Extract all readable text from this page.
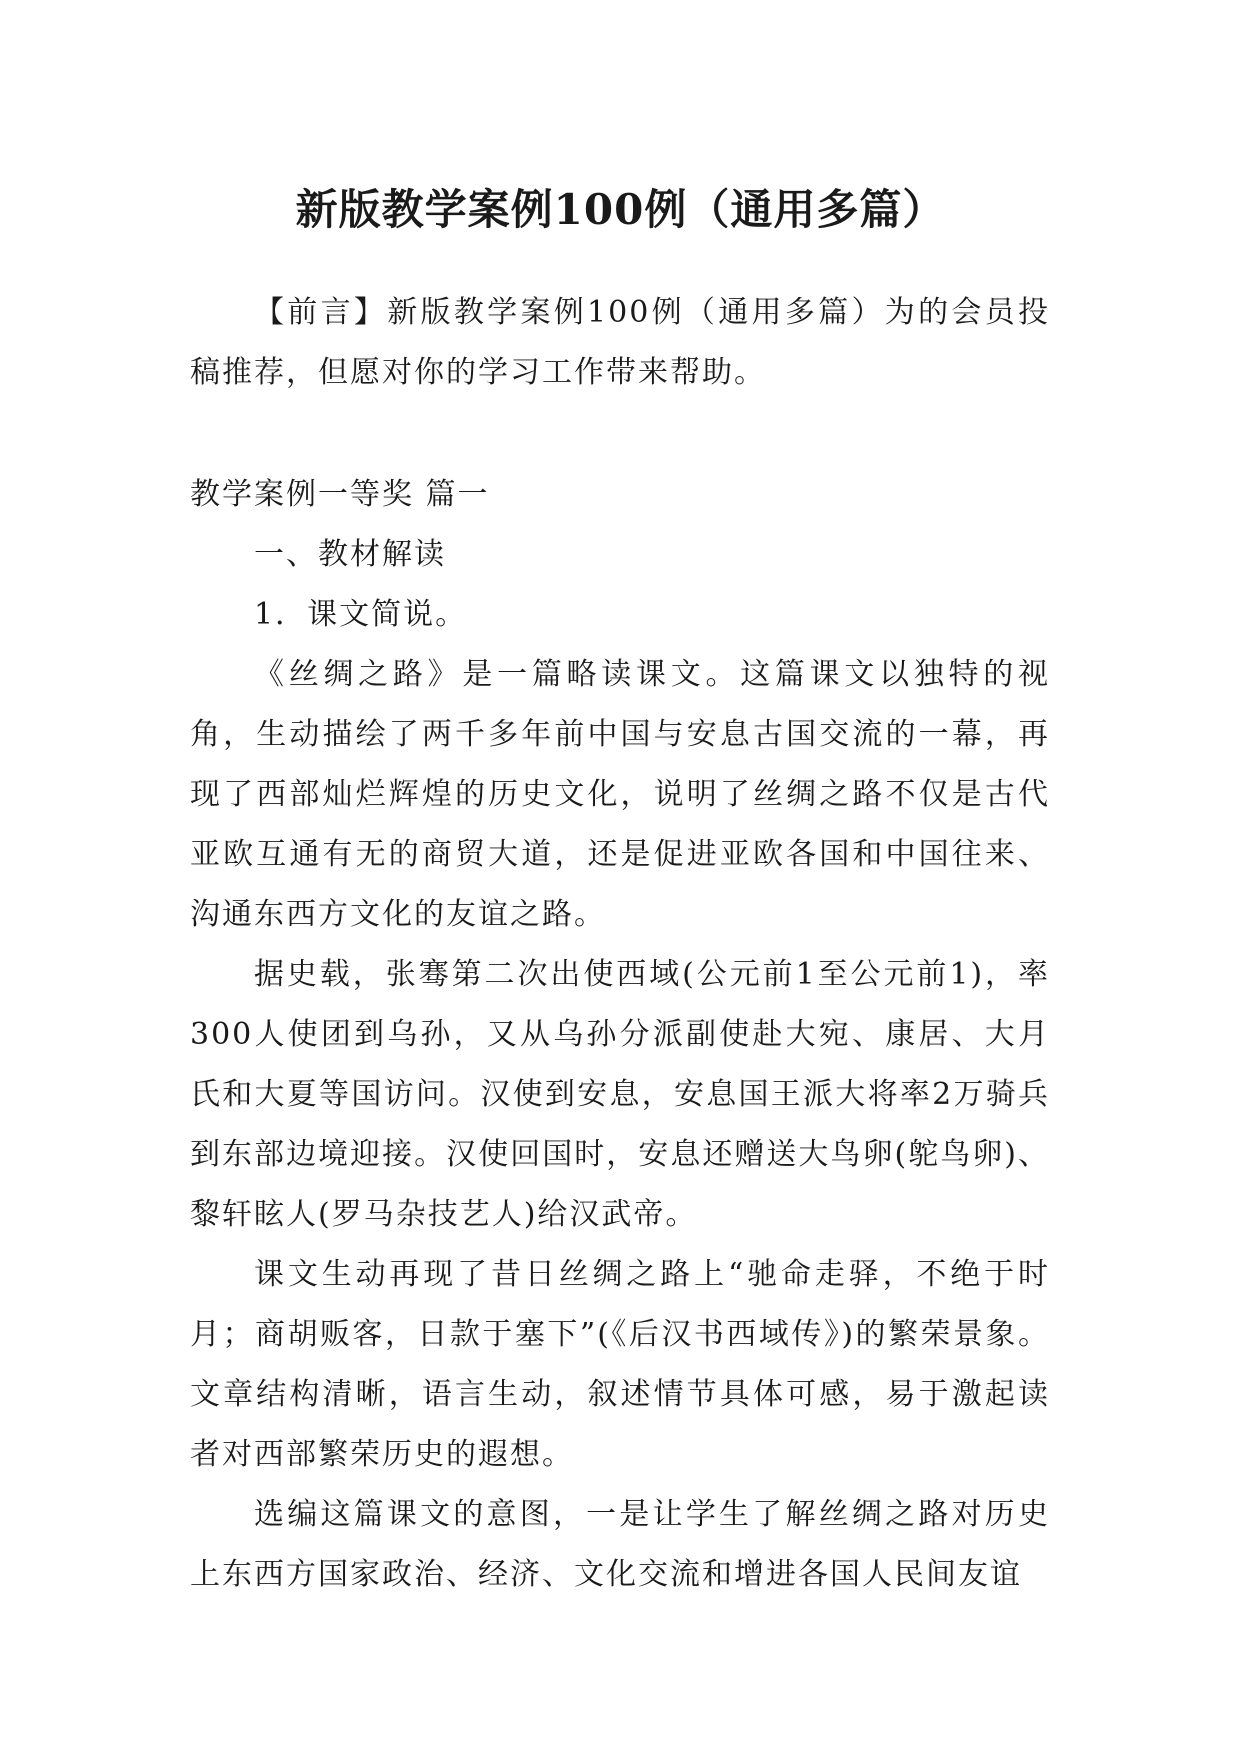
新版教学案例100例（通用多篇）

【前言】新版教学案例100例（通用多篇）为的会员投稿推荐，但愿对你的学习工作带来帮助。

教学案例一等奖 篇一

一、教材解读

1．课文简说。

《丝绸之路》是一篇略读课文。这篇课文以独特的视角，生动描绘了两千多年前中国与安息古国交流的一幕，再现了西部灿烂辉煌的历史文化，说明了丝绸之路不仅是古代亚欧互通有无的商贸大道，还是促进亚欧各国和中国往来、沟通东西方文化的友谊之路。

据史载，张骞第二次出使西域(公元前1至公元前1)，率300人使团到乌孙，又从乌孙分派副使赴大宛、康居、大月氏和大夏等国访问。汉使到安息，安息国王派大将率2万骑兵到东部边境迎接。汉使回国时，安息还赠送大鸟卵(鸵鸟卵)、黎轩眩人(罗马杂技艺人)给汉武帝。

课文生动再现了昔日丝绸之路上“驰命走驿，不绝于时月；商胡贩客，日款于塞下”(《后汉书西域传》)的繁荣景象。文章结构清晰，语言生动，叙述情节具体可感，易于激起读者对西部繁荣历史的遐想。

选编这篇课文的意图，一是让学生了解丝绸之路对历史上东西方国家政治、经济、文化交流和增进各国人民间友谊
